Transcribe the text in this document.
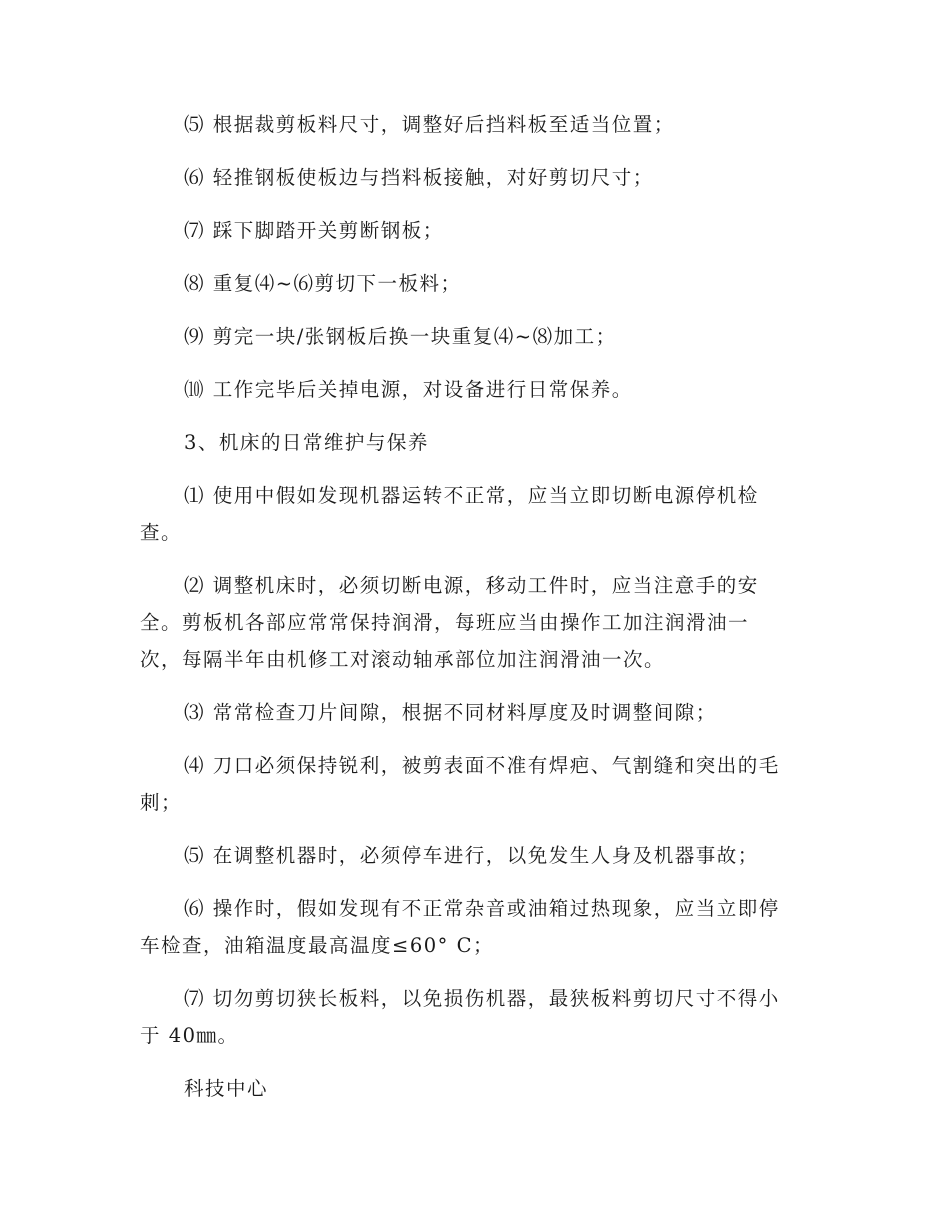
⑸ 根据裁剪板料尺寸，调整好后挡料板至适当位置；
⑹ 轻推钢板使板边与挡料板接触，对好剪切尺寸；
⑺ 踩下脚踏开关剪断钢板；
⑻ 重复⑷~⑹剪切下一板料；
⑼ 剪完一块/张钢板后换一块重复⑷~⑻加工；
⑽ 工作完毕后关掉电源，对设备进行日常保养。
3、机床的日常维护与保养
⑴ 使用中假如发现机器运转不正常，应当立即切断电源停机检
查。
⑵ 调整机床时，必须切断电源，移动工件时，应当注意手的安
全。剪板机各部应常常保持润滑，每班应当由操作工加注润滑油一
次，每隔半年由机修工对滚动轴承部位加注润滑油一次。
⑶ 常常检查刀片间隙，根据不同材料厚度及时调整间隙；
⑷ 刀口必须保持锐利，被剪表面不准有焊疤、气割缝和突出的毛
刺；
⑸ 在调整机器时，必须停车进行，以免发生人身及机器事故；
⑹ 操作时，假如发现有不正常杂音或油箱过热现象，应当立即停
车检查，油箱温度最高温度≤60° C；
⑺ 切勿剪切狭长板料，以免损伤机器，最狭板料剪切尺寸不得小
于 40㎜。
科技中心
